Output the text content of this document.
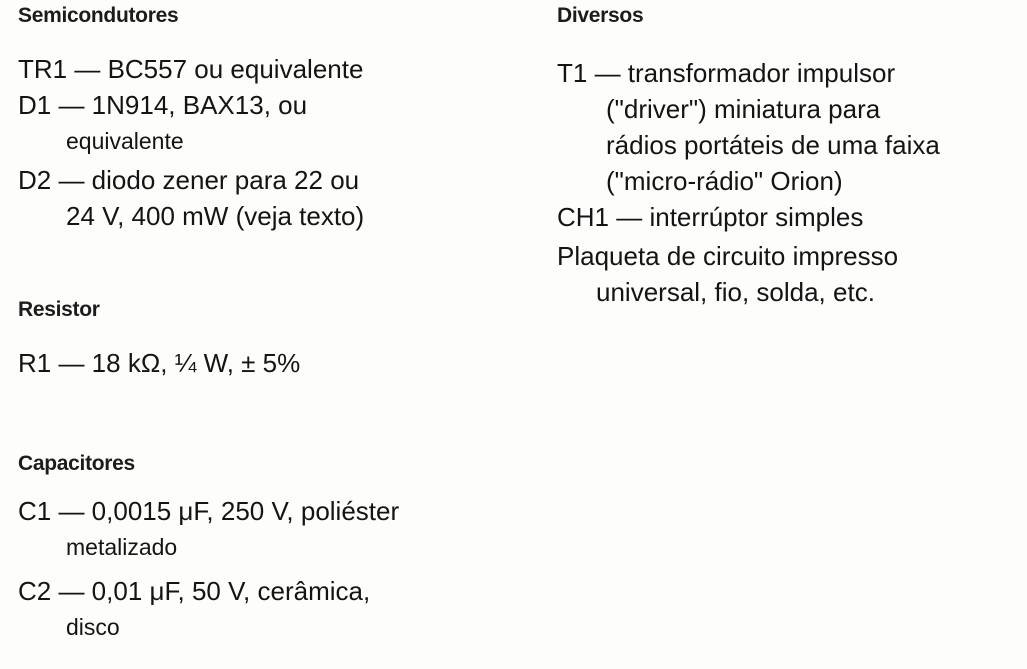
Semicondutores
TR1 — BC557 ou equivalente
D1 — 1N914, BAX13, ou
equivalente
D2 — diodo zener para 22 ou
24 V, 400 mW (veja texto)
Resistor
R1 — 18 kΩ, ¼ W, ± 5%
Capacitores
C1 — 0,0015 μF, 250 V, poliéster
metalizado
C2 — 0,01 μF, 50 V, cerâmica,
disco
Diversos
T1 — transformador impulsor
("driver") miniatura para
rádios portáteis de uma faixa
("micro-rádio" Orion)
CH1 — interrúptor simples
Plaqueta de circuito impresso
universal, fio, solda, etc.
